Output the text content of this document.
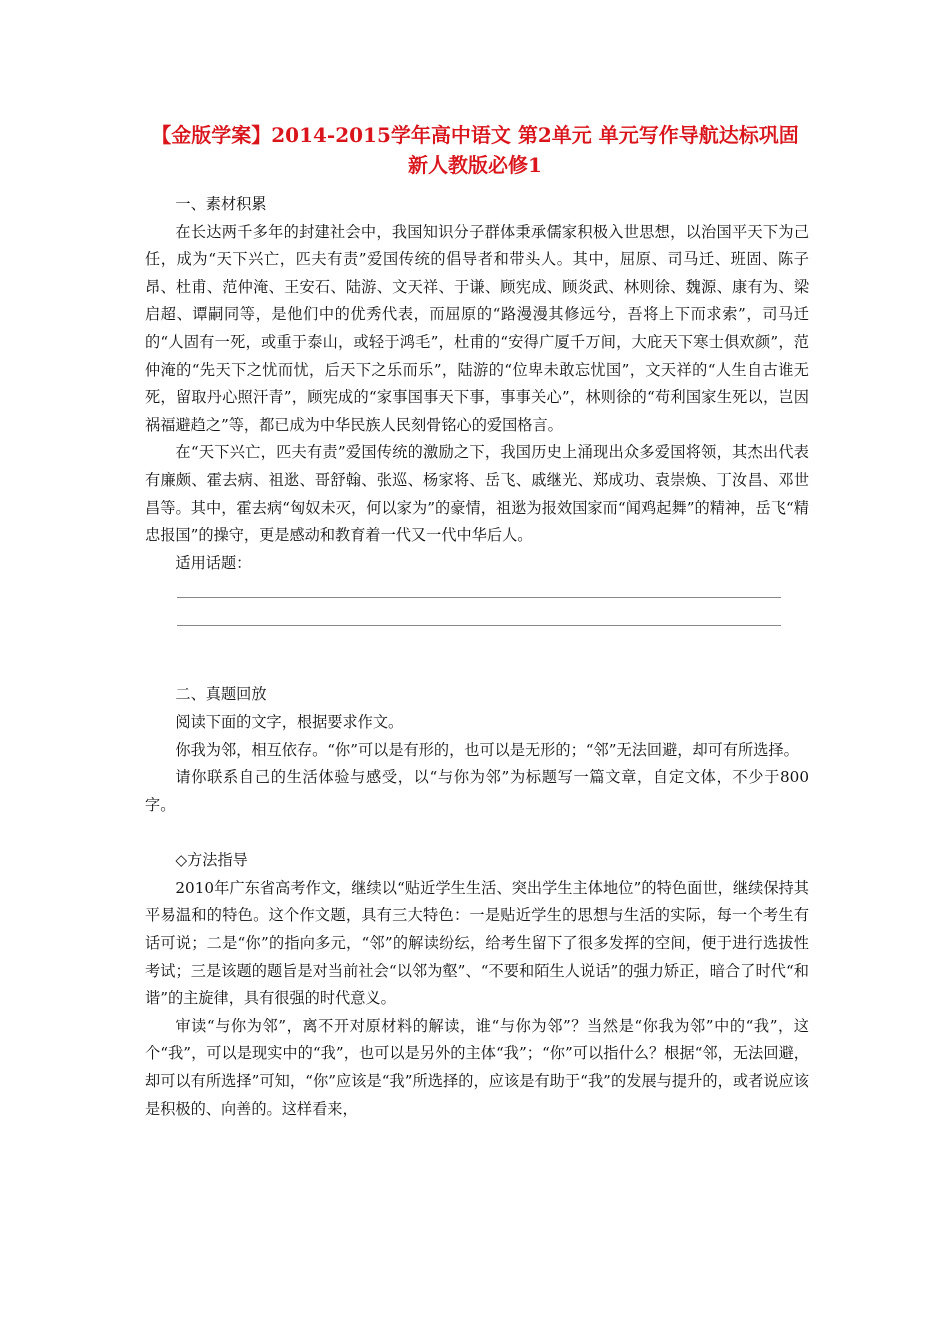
【金版学案】2014-2015学年高中语文 第2单元 单元写作导航达标巩固 新人教版必修1

一、素材积累

在长达两千多年的封建社会中，我国知识分子群体秉承儒家积极入世思想，以治国平天下为己任，成为“天下兴亡，匹夫有责”爱国传统的倡导者和带头人。其中，屈原、司马迁、班固、陈子昂、杜甫、范仲淹、王安石、陆游、文天祥、于谦、顾宪成、顾炎武、林则徐、魏源、康有为、梁启超、谭嗣同等，是他们中的优秀代表，而屈原的“路漫漫其修远兮，吾将上下而求索”，司马迁的“人固有一死，或重于泰山，或轻于鸿毛”，杜甫的“安得广厦千万间，大庇天下寒士俱欢颜”，范仲淹的“先天下之忧而忧，后天下之乐而乐”，陆游的“位卑未敢忘忧国”，文天祥的“人生自古谁无死，留取丹心照汗青”，顾宪成的“家事国事天下事，事事关心”，林则徐的“苟利国家生死以，岂因祸福避趋之”等，都已成为中华民族人民刻骨铭心的爱国格言。

在“天下兴亡，匹夫有责”爱国传统的激励之下，我国历史上涌现出众多爱国将领，其杰出代表有廉颇、霍去病、祖逖、哥舒翰、张巡、杨家将、岳飞、戚继光、郑成功、袁崇焕、丁汝昌、邓世昌等。其中，霍去病“匈奴未灭，何以家为”的豪情，祖逖为报效国家而“闻鸡起舞”的精神，岳飞“精忠报国”的操守，更是感动和教育着一代又一代中华后人。

适用话题：

二、真题回放

阅读下面的文字，根据要求作文。

你我为邻，相互依存。“你”可以是有形的，也可以是无形的；“邻”无法回避，却可有所选择。

请你联系自己的生活体验与感受，以“与你为邻”为标题写一篇文章，自定文体，不少于800字。

◇方法指导

2010年广东省高考作文，继续以“贴近学生生活、突出学生主体地位”的特色面世，继续保持其平易温和的特色。这个作文题，具有三大特色：一是贴近学生的思想与生活的实际，每一个考生有话可说；二是“你”的指向多元，“邻”的解读纷纭，给考生留下了很多发挥的空间，便于进行选拔性考试；三是该题的题旨是对当前社会“以邻为壑”、“不要和陌生人说话”的强力矫正，暗合了时代“和谐”的主旋律，具有很强的时代意义。

审读“与你为邻”，离不开对原材料的解读，谁“与你为邻”？当然是“你我为邻”中的“我”，这个“我”，可以是现实中的“我”，也可以是另外的主体“我”；“你”可以指什么？根据“邻，无法回避，却可以有所选择”可知，“你”应该是“我”所选择的，应该是有助于“我”的发展与提升的，或者说应该是积极的、向善的。这样看来，
